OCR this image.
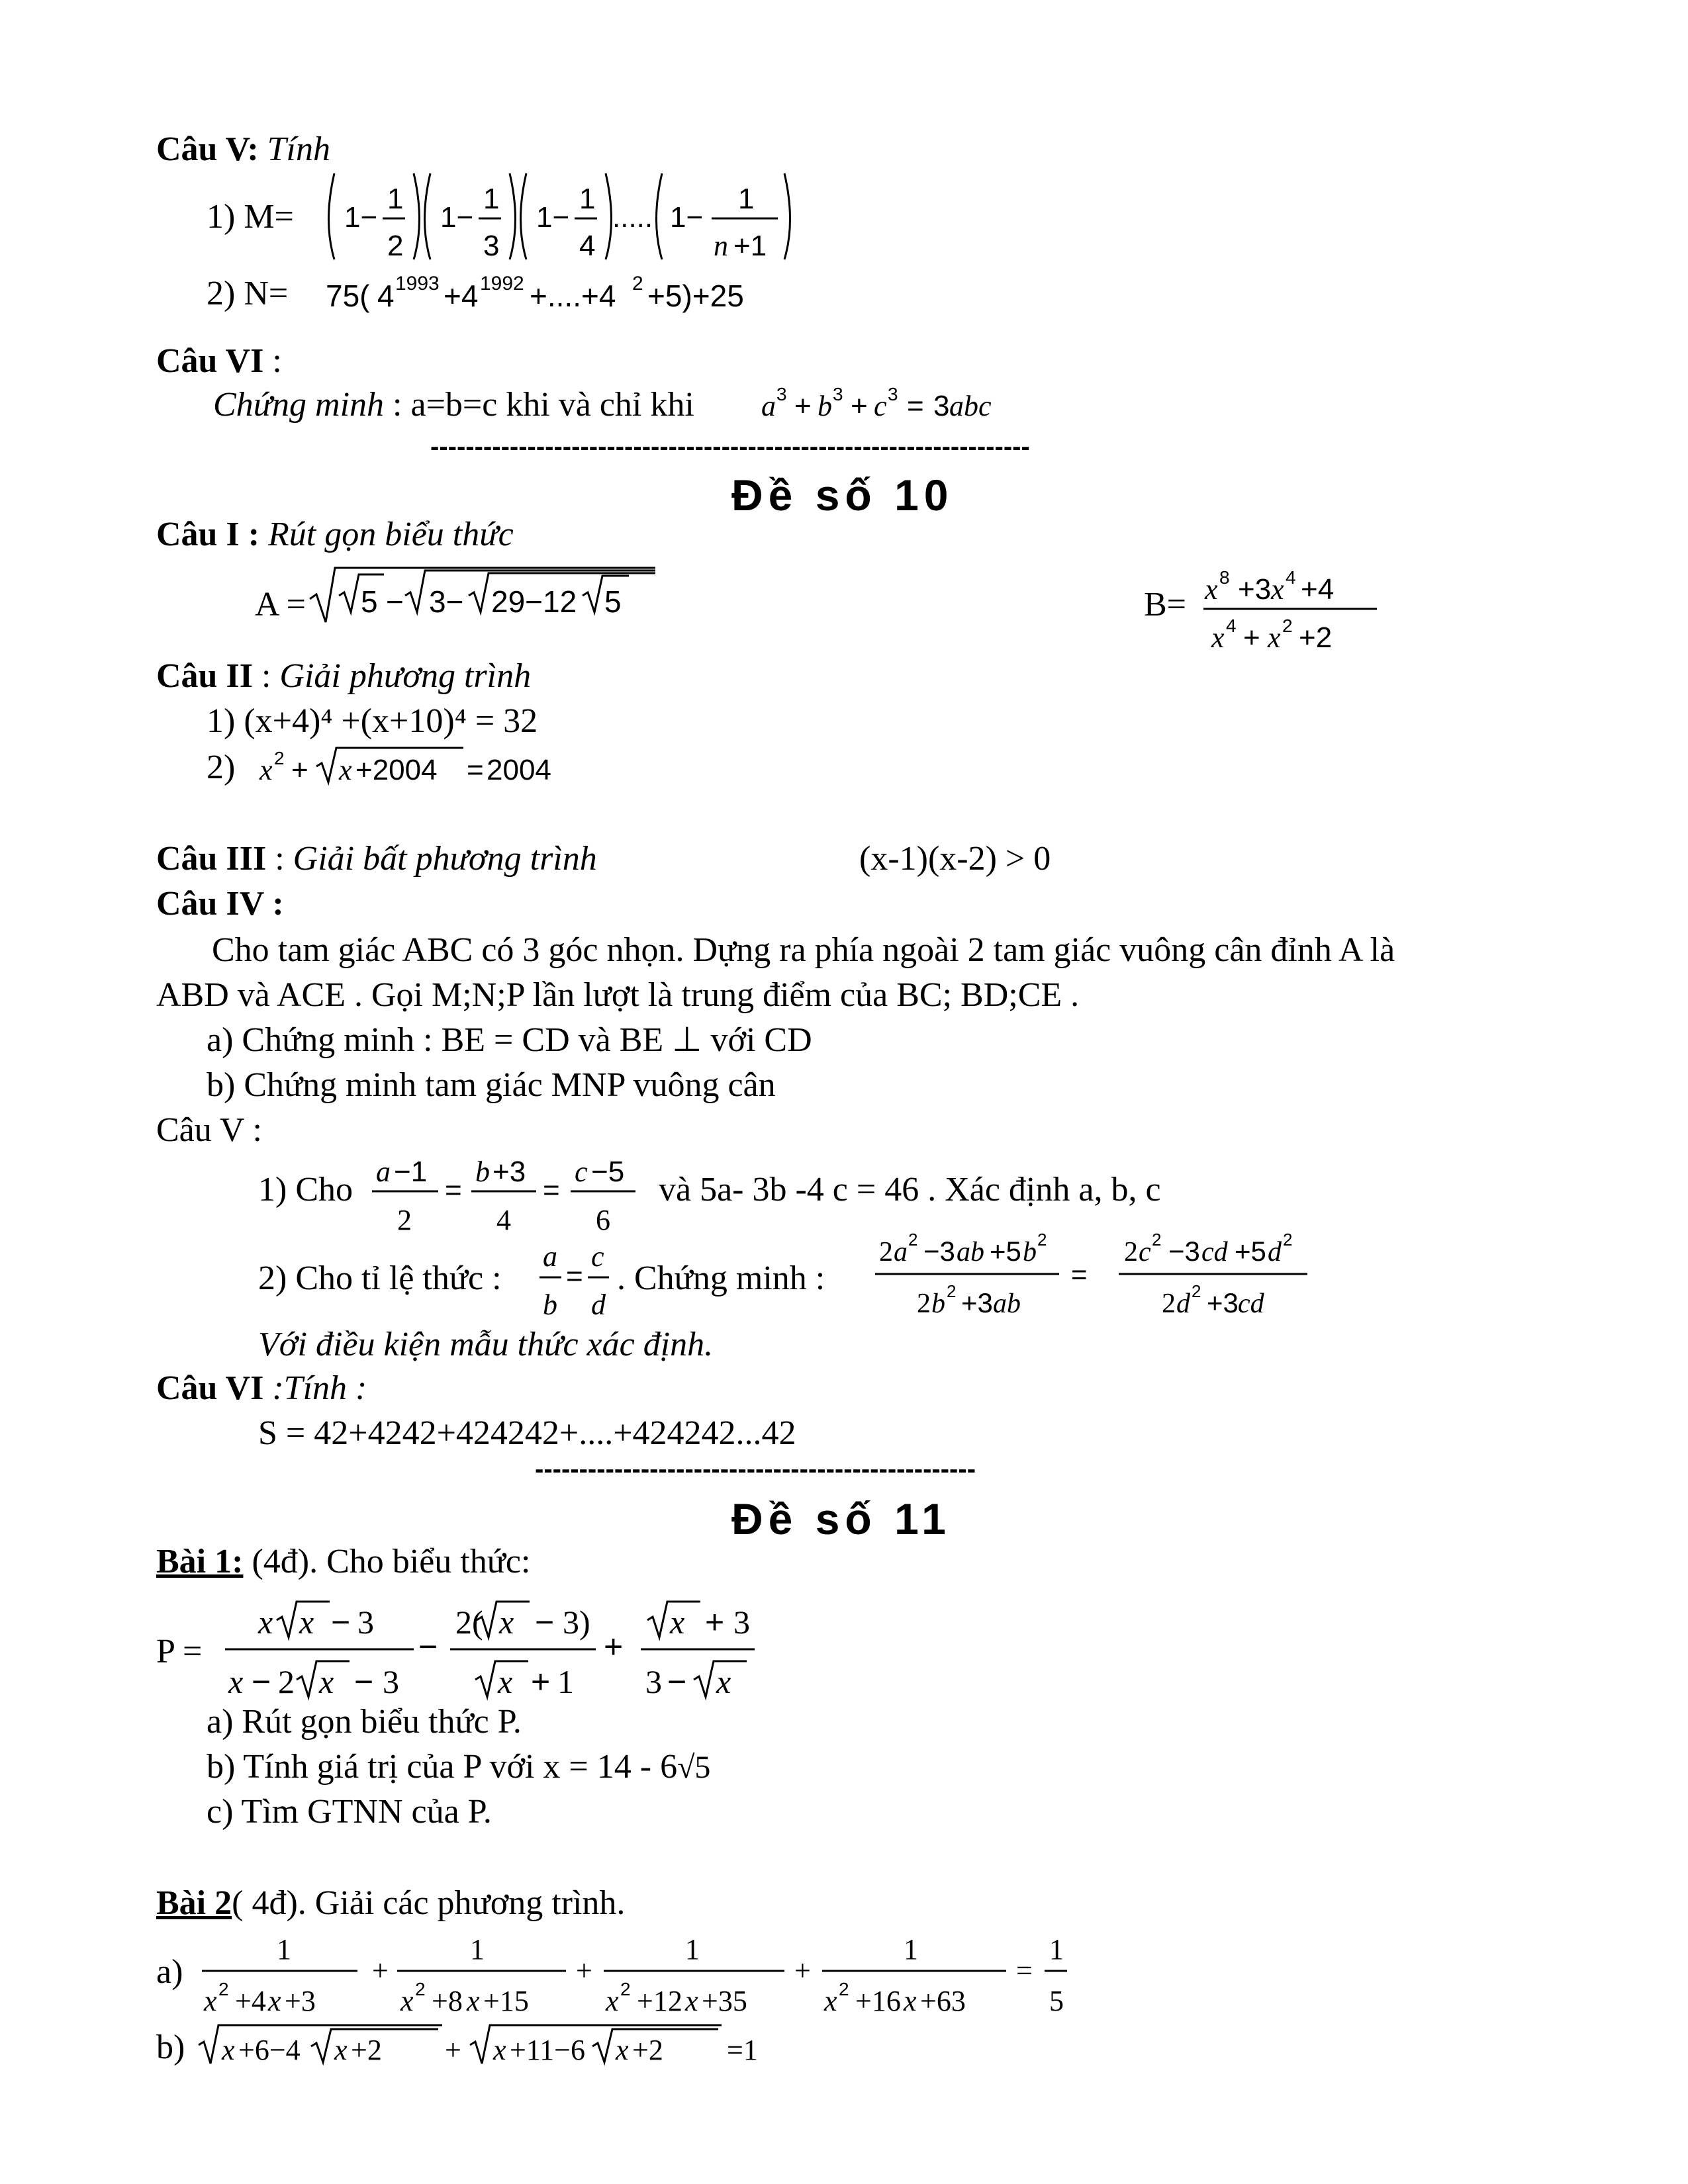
Câu V: Tính
1) M= 1−
1
2
1−
1
3
1−
1
4
..... 1−
1
n +1
2) N= 75( 4 1993 +4 1992 +....+4 2 +5)+25
Câu VI :
Chứng minh : a=b=c khi và chỉ khi a 3 + b 3 + c 3 = 3 abc
--------------------------------------------------------------------
Đề số 10
Câu I : Rút gọn biểu thức
A = 5 − 3− 29−12 5	B= x 8 +3 x 4 +4
x 4 + x 2 +2
Câu II : Giải phương trình
1) (x+4)⁴ +(x+10)⁴ = 32
2) x 2 + x +2004 = 2004
Câu III : Giải bất phương trình	(x-1)(x-2) > 0
Câu IV :
Cho tam giác ABC có 3 góc nhọn. Dựng ra phía ngoài 2 tam giác vuông cân đỉnh A là
ABD và ACE . Gọi M;N;P lần lượt là trung điểm của BC; BD;CE .
a) Chứng minh : BE = CD và BE ⊥ với CD
b) Chứng minh tam giác MNP vuông cân
Câu V :
1) Cho a −1
2
=
b +3
4
=
c −5
6
và 5a- 3b -4 c = 46 . Xác định a, b, c
2) Cho tỉ lệ thức :
a
b
=
c
d
. Chứng minh :
2 a 2 −3 ab +5 b 2
2 b 2 +3 ab
=
2 c 2 −3 cd +5 d 2
2 d 2 +3 cd
Với điều kiện mẫu thức xác định.
Câu VI :Tính :
S = 42+4242+424242+....+424242...42
--------------------------------------------------
Đề số 11
Bài 1: (4đ). Cho biểu thức:
P =
x x − 3
x − 2 x − 3
−
2( x − 3)
x + 1
+
x + 3
3 − x
a) Rút gọn biểu thức P.
b) Tính giá trị của P với x = 14 - 6√5
c) Tìm GTNN của P.
Bài 2( 4đ). Giải các phương trình.
a)
1
x 2 +4 x +3
+
1
x 2 +8 x +15
+
1
x 2 +12 x +35
+
1
x 2 +16 x +63
=
1
5
b) x +6−4 x +2 + x +11−6 x +2 =1
